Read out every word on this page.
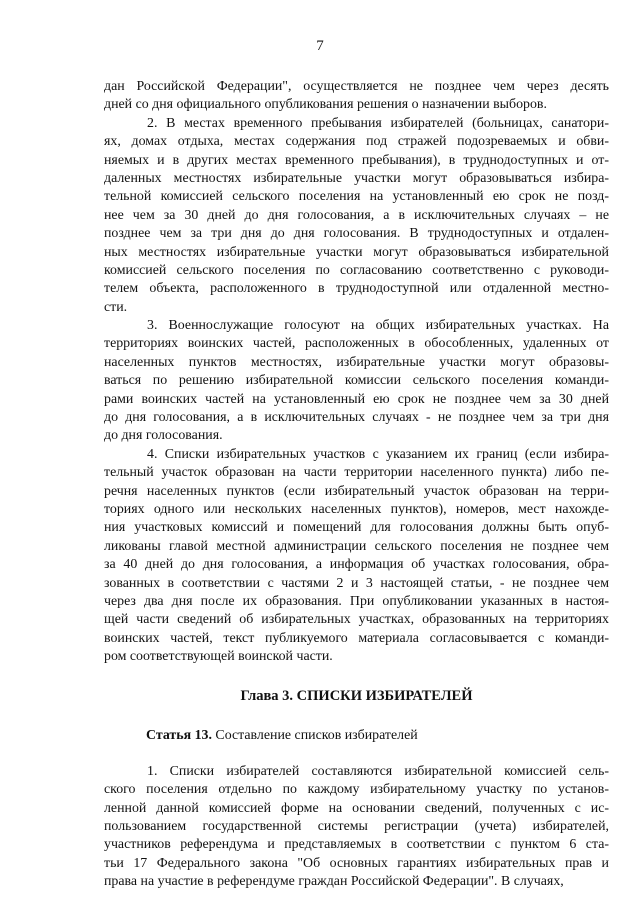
7
дан Российской Федерации", осуществляется не позднее чем через десять
дней со дня официального опубликования решения о назначении выборов.
2. В местах временного пребывания избирателей (больницах, санатори-
ях, домах отдыха, местах содержания под стражей подозреваемых и обви-
няемых и в других местах временного пребывания), в труднодоступных и от-
даленных местностях избирательные участки могут образовываться избира-
тельной комиссией сельского поселения на установленный ею срок не позд-
нее чем за 30 дней до дня голосования, а в исключительных случаях – не
позднее чем за три дня до дня голосования. В труднодоступных и отдален-
ных местностях избирательные участки могут образовываться избирательной
комиссией сельского поселения по согласованию соответственно с руководи-
телем объекта, расположенного в труднодоступной или отдаленной местно-
сти.
3. Военнослужащие голосуют на общих избирательных участках. На
территориях воинских частей, расположенных в обособленных, удаленных от
населенных пунктов местностях, избирательные участки могут образовы-
ваться по решению избирательной комиссии сельского поселения команди-
рами воинских частей на установленный ею срок не позднее чем за 30 дней
до дня голосования, а в исключительных случаях - не позднее чем за три дня
до дня голосования.
4. Списки избирательных участков с указанием их границ (если избира-
тельный участок образован на части территории населенного пункта) либо пе-
речня населенных пунктов (если избирательный участок образован на терри-
ториях одного или нескольких населенных пунктов), номеров, мест нахожде-
ния участковых комиссий и помещений для голосования должны быть опуб-
ликованы главой местной администрации сельского поселения не позднее чем
за 40 дней до дня голосования, а информация об участках голосования, обра-
зованных в соответствии с частями 2 и 3 настоящей статьи, - не позднее чем
через два дня после их образования. При опубликовании указанных в настоя-
щей части сведений об избирательных участках, образованных на территориях
воинских частей, текст публикуемого материала согласовывается с команди-
ром соответствующей воинской части.
Глава 3. СПИСКИ ИЗБИРАТЕЛЕЙ
Статья 13. Составление списков избирателей
1. Списки избирателей составляются избирательной комиссией сель-
ского поселения отдельно по каждому избирательному участку по установ-
ленной данной комиссией форме на основании сведений, полученных с ис-
пользованием государственной системы регистрации (учета) избирателей,
участников референдума и представляемых в соответствии с пунктом 6 ста-
тьи 17 Федерального закона "Об основных гарантиях избирательных прав и
права на участие в референдуме граждан Российской Федерации". В случаях,
